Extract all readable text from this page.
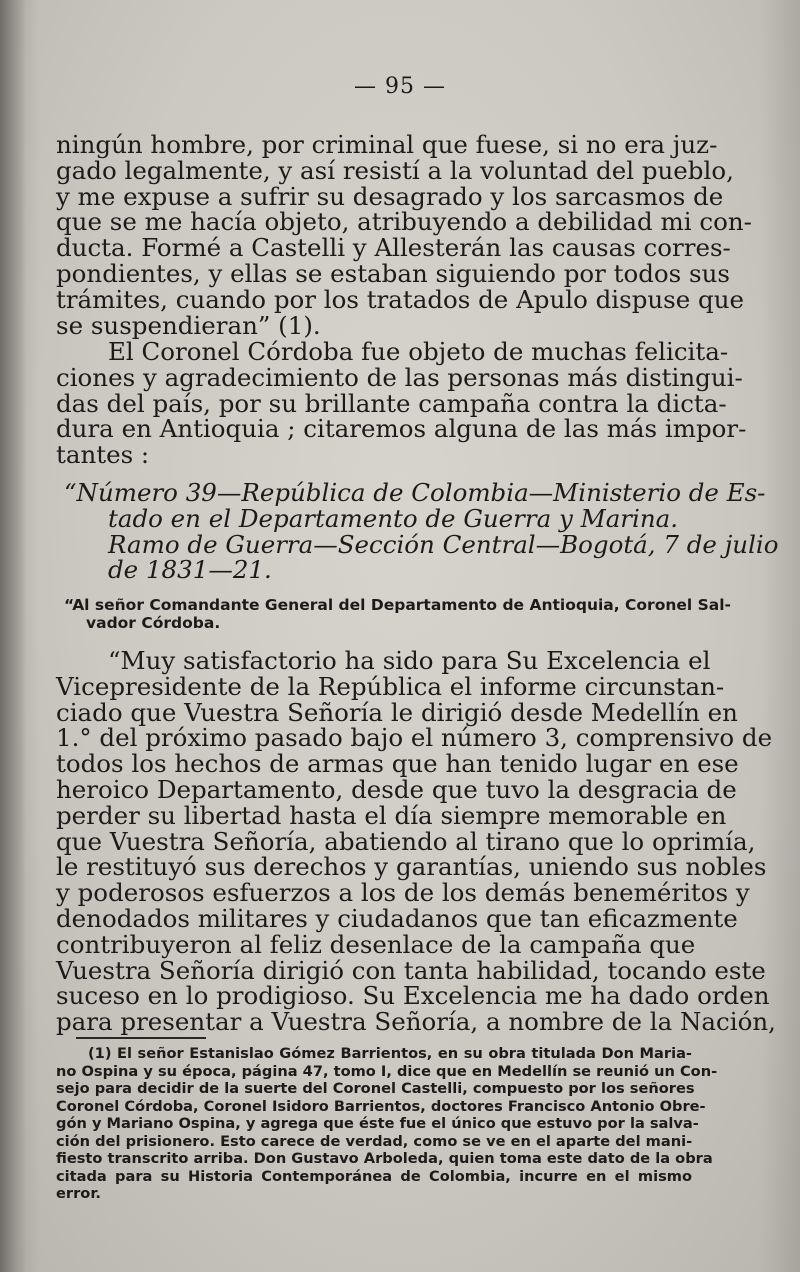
— 95 —
ningún hombre, por criminal que fuese, si no era juz-
gado legalmente, y así resistí a la voluntad del pueblo,
y me expuse a sufrir su desagrado y los sarcasmos de
que se me hacía objeto, atribuyendo a debilidad mi con-
ducta. Formé a Castelli y Allesterán las causas corres-
pondientes, y ellas se estaban siguiendo por todos sus
trámites, cuando por los tratados de Apulo dispuse que
se suspendieran” (1).
El Coronel Córdoba fue objeto de muchas felicita-
ciones y agradecimiento de las personas más distingui-
das del país, por su brillante campaña contra la dicta-
dura en Antioquia ; citaremos alguna de las más impor-
tantes :
“Número 39—República de Colombia—Ministerio de Es-
tado en el Departamento de Guerra y Marina.
Ramo de Guerra—Sección Central—Bogotá, 7 de julio
de 1831—21.
“Al señor Comandante General del Departamento de Antioquia, Coronel Sal-
vador Córdoba.
“Muy satisfactorio ha sido para Su Excelencia el
Vicepresidente de la República el informe circunstan-
ciado que Vuestra Señoría le dirigió desde Medellín en
1.° del próximo pasado bajo el número 3, comprensivo de
todos los hechos de armas que han tenido lugar en ese
heroico Departamento, desde que tuvo la desgracia de
perder su libertad hasta el día siempre memorable en
que Vuestra Señoría, abatiendo al tirano que lo oprimía,
le restituyó sus derechos y garantías, uniendo sus nobles
y poderosos esfuerzos a los de los demás beneméritos y
denodados militares y ciudadanos que tan eficazmente
contribuyeron al feliz desenlace de la campaña que
Vuestra Señoría dirigió con tanta habilidad, tocando este
suceso en lo prodigioso. Su Excelencia me ha dado orden
para presentar a Vuestra Señoría, a nombre de la Nación,
(1) El señor Estanislao Gómez Barrientos, en su obra titulada Don Maria-
no Ospina y su época, página 47, tomo I, dice que en Medellín se reunió un Con-
sejo para decidir de la suerte del Coronel Castelli, compuesto por los señores
Coronel Córdoba, Coronel Isidoro Barrientos, doctores Francisco Antonio Obre-
gón y Mariano Ospina, y agrega que éste fue el único que estuvo por la salva-
ción del prisionero. Esto carece de verdad, como se ve en el aparte del mani-
fiesto transcrito arriba. Don Gustavo Arboleda, quien toma este dato de la obra
citada para su Historia Contemporánea de Colombia, incurre en el mismo
error.
